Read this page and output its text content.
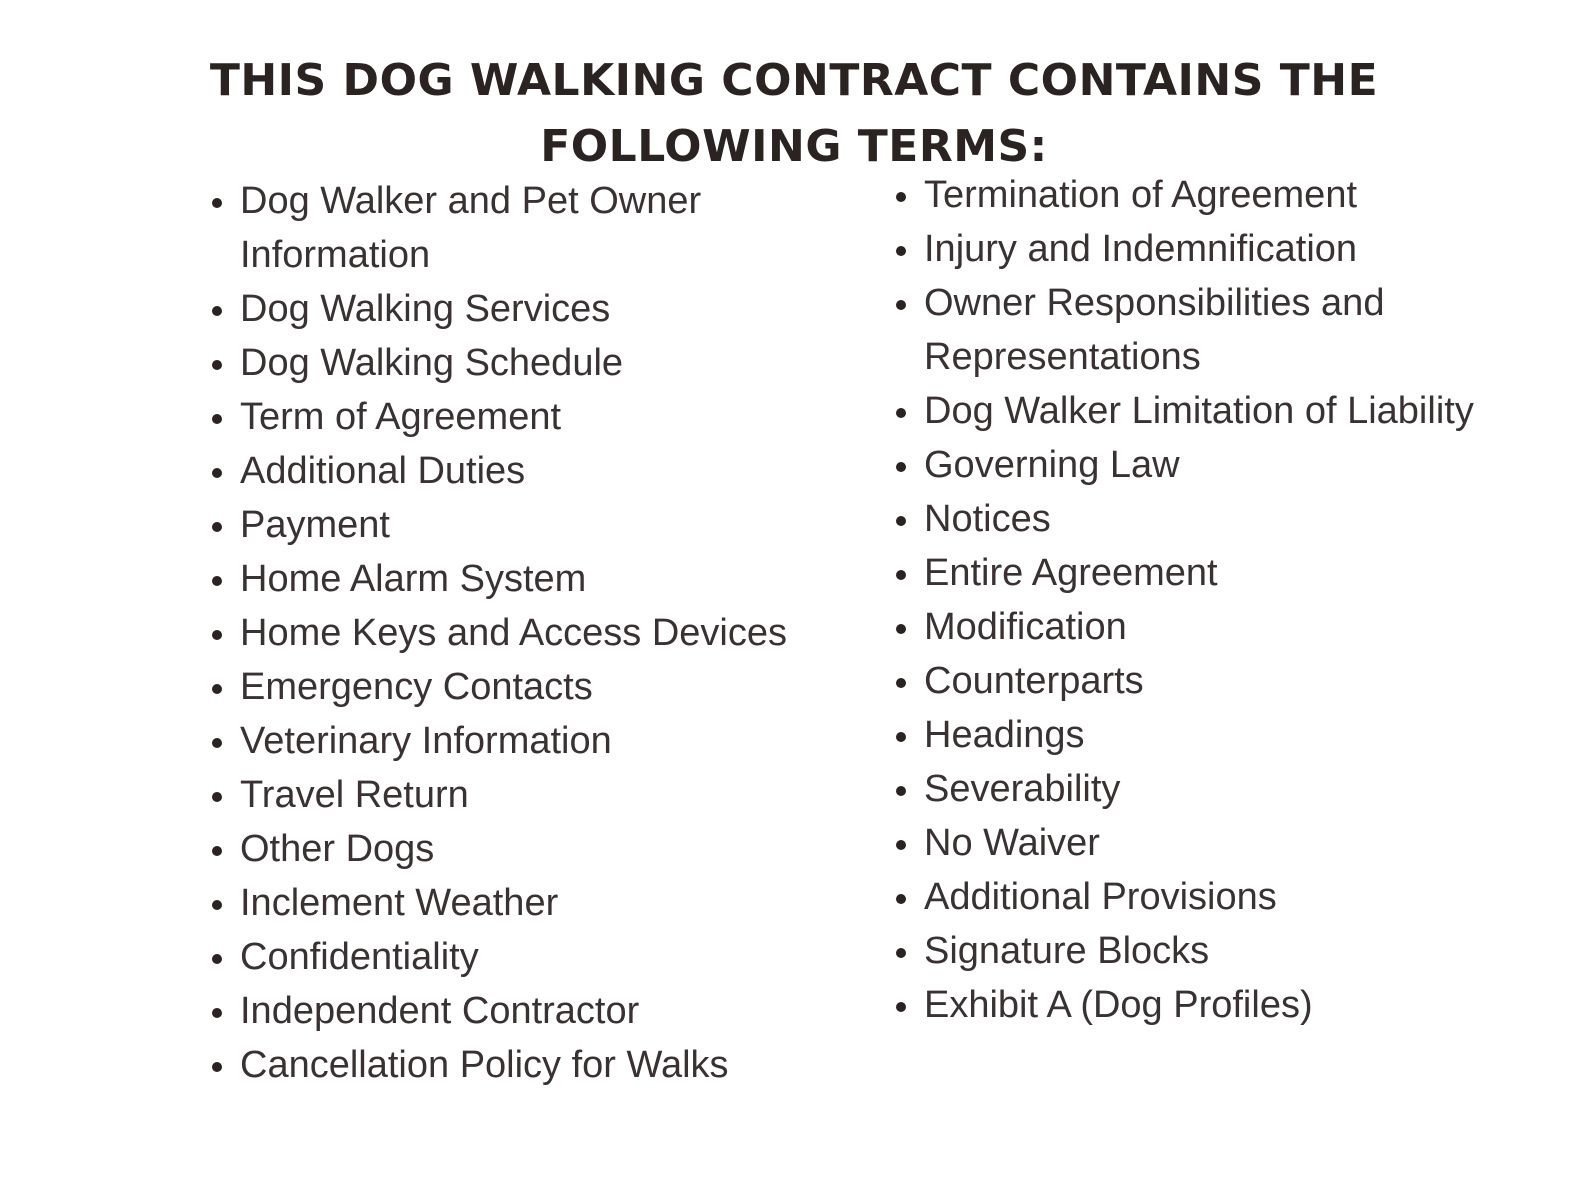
THIS DOG WALKING CONTRACT CONTAINS THE FOLLOWING TERMS:
Dog Walker and Pet Owner Information
Dog Walking Services
Dog Walking Schedule
Term of Agreement
Additional Duties
Payment
Home Alarm System
Home Keys and Access Devices
Emergency Contacts
Veterinary Information
Travel Return
Other Dogs
Inclement Weather
Confidentiality
Independent Contractor
Cancellation Policy for Walks
Termination of Agreement
Injury and Indemnification
Owner Responsibilities and Representations
Dog Walker Limitation of Liability
Governing Law
Notices
Entire Agreement
Modification
Counterparts
Headings
Severability
No Waiver
Additional Provisions
Signature Blocks
Exhibit A (Dog Profiles)
